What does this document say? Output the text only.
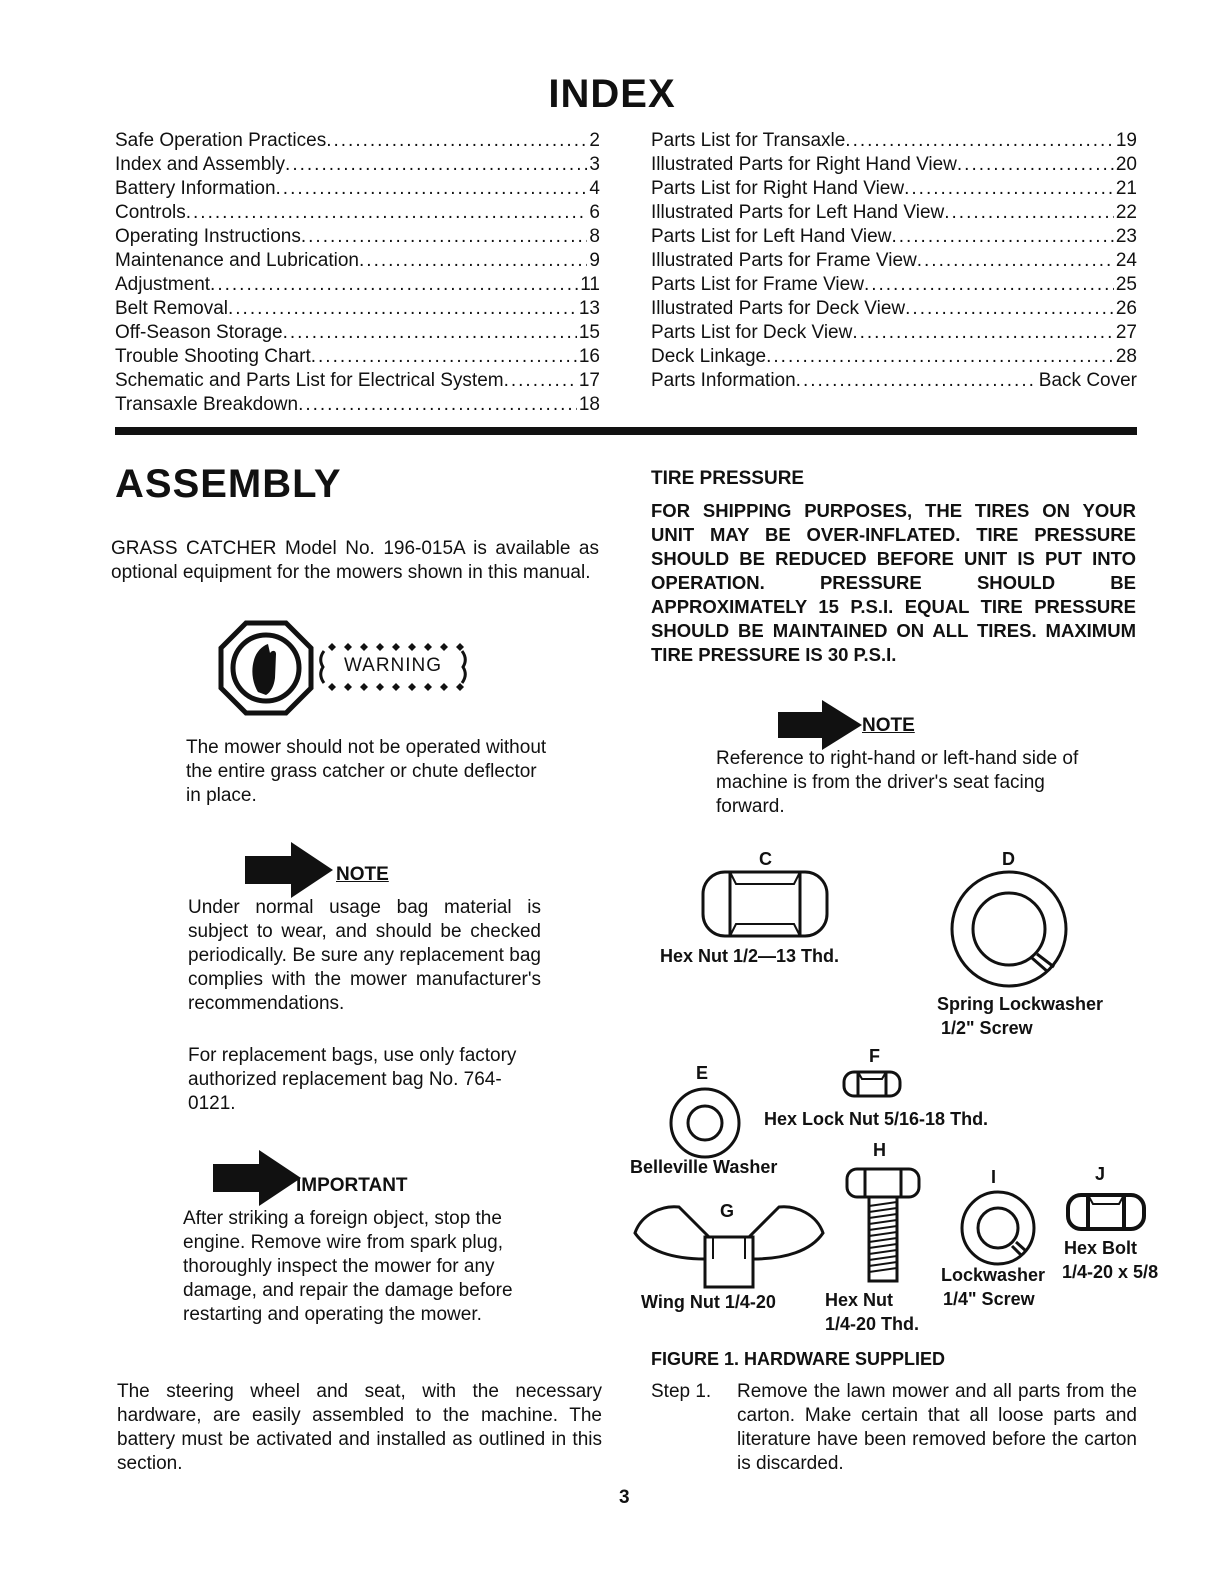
INDEX
Safe Operation Practices .....	2
Index and Assembly .....	3
Battery Information .....	4
Controls .....	6
Operating Instructions .....	8
Maintenance and Lubrication .....	9
Adjustment .....	11
Belt Removal .....	13
Off-Season Storage .....	15
Trouble Shooting Chart .....	16
Schematic and Parts List for Electrical System .....	17
Transaxle Breakdown .....	18
Parts List for Transaxle .....	19
Illustrated Parts for Right Hand View .....	20
Parts List for Right Hand View .....	21
Illustrated Parts for Left Hand View .....	22
Parts List for Left Hand View .....	23
Illustrated Parts for Frame View .....	24
Parts List for Frame View .....	25
Illustrated Parts for Deck View .....	26
Parts List for Deck View .....	27
Deck Linkage .....	28
Parts Information .....	Back Cover
ASSEMBLY
GRASS CATCHER Model No. 196-015A is available as optional equipment for the mowers shown in this manual.
WARNING
The mower should not be operated without the entire grass catcher or chute deflector in place.
NOTE
Under normal usage bag material is subject to wear, and should be checked periodically. Be sure any replacement bag complies with the mower manufacturer's recommendations.
For replacement bags, use only factory authorized replacement bag No. 764-0121.
IMPORTANT
After striking a foreign object, stop the engine. Remove wire from spark plug, thoroughly inspect the mower for any damage, and repair the damage before restarting and operating the mower.
The steering wheel and seat, with the necessary hardware, are easily assembled to the machine. The battery must be activated and installed as outlined in this section.
TIRE PRESSURE
FOR SHIPPING PURPOSES, THE TIRES ON YOUR UNIT MAY BE OVER-INFLATED. TIRE PRESSURE SHOULD BE REDUCED BEFORE UNIT IS PUT INTO OPERATION. PRESSURE SHOULD BE APPROXIMATELY 15 P.S.I. EQUAL TIRE PRESSURE SHOULD BE MAINTAINED ON ALL TIRES. MAXIMUM TIRE PRESSURE IS 30 P.S.I.
NOTE
Reference to right-hand or left-hand side of machine is from the driver's seat facing forward.
C
Hex Nut 1/2—13 Thd.
D
Spring Lockwasher
1/2" Screw
E
Belleville Washer
F
Hex Lock Nut 5/16-18 Thd.
H
Hex Nut
1/4-20 Thd.
G
Wing Nut 1/4-20
I
Lockwasher
1/4" Screw
J
Hex Bolt
1/4-20 x 5/8
FIGURE 1. HARDWARE SUPPLIED
Step 1. Remove the lawn mower and all parts from the carton. Make certain that all loose parts and literature have been removed before the carton is discarded.
3
